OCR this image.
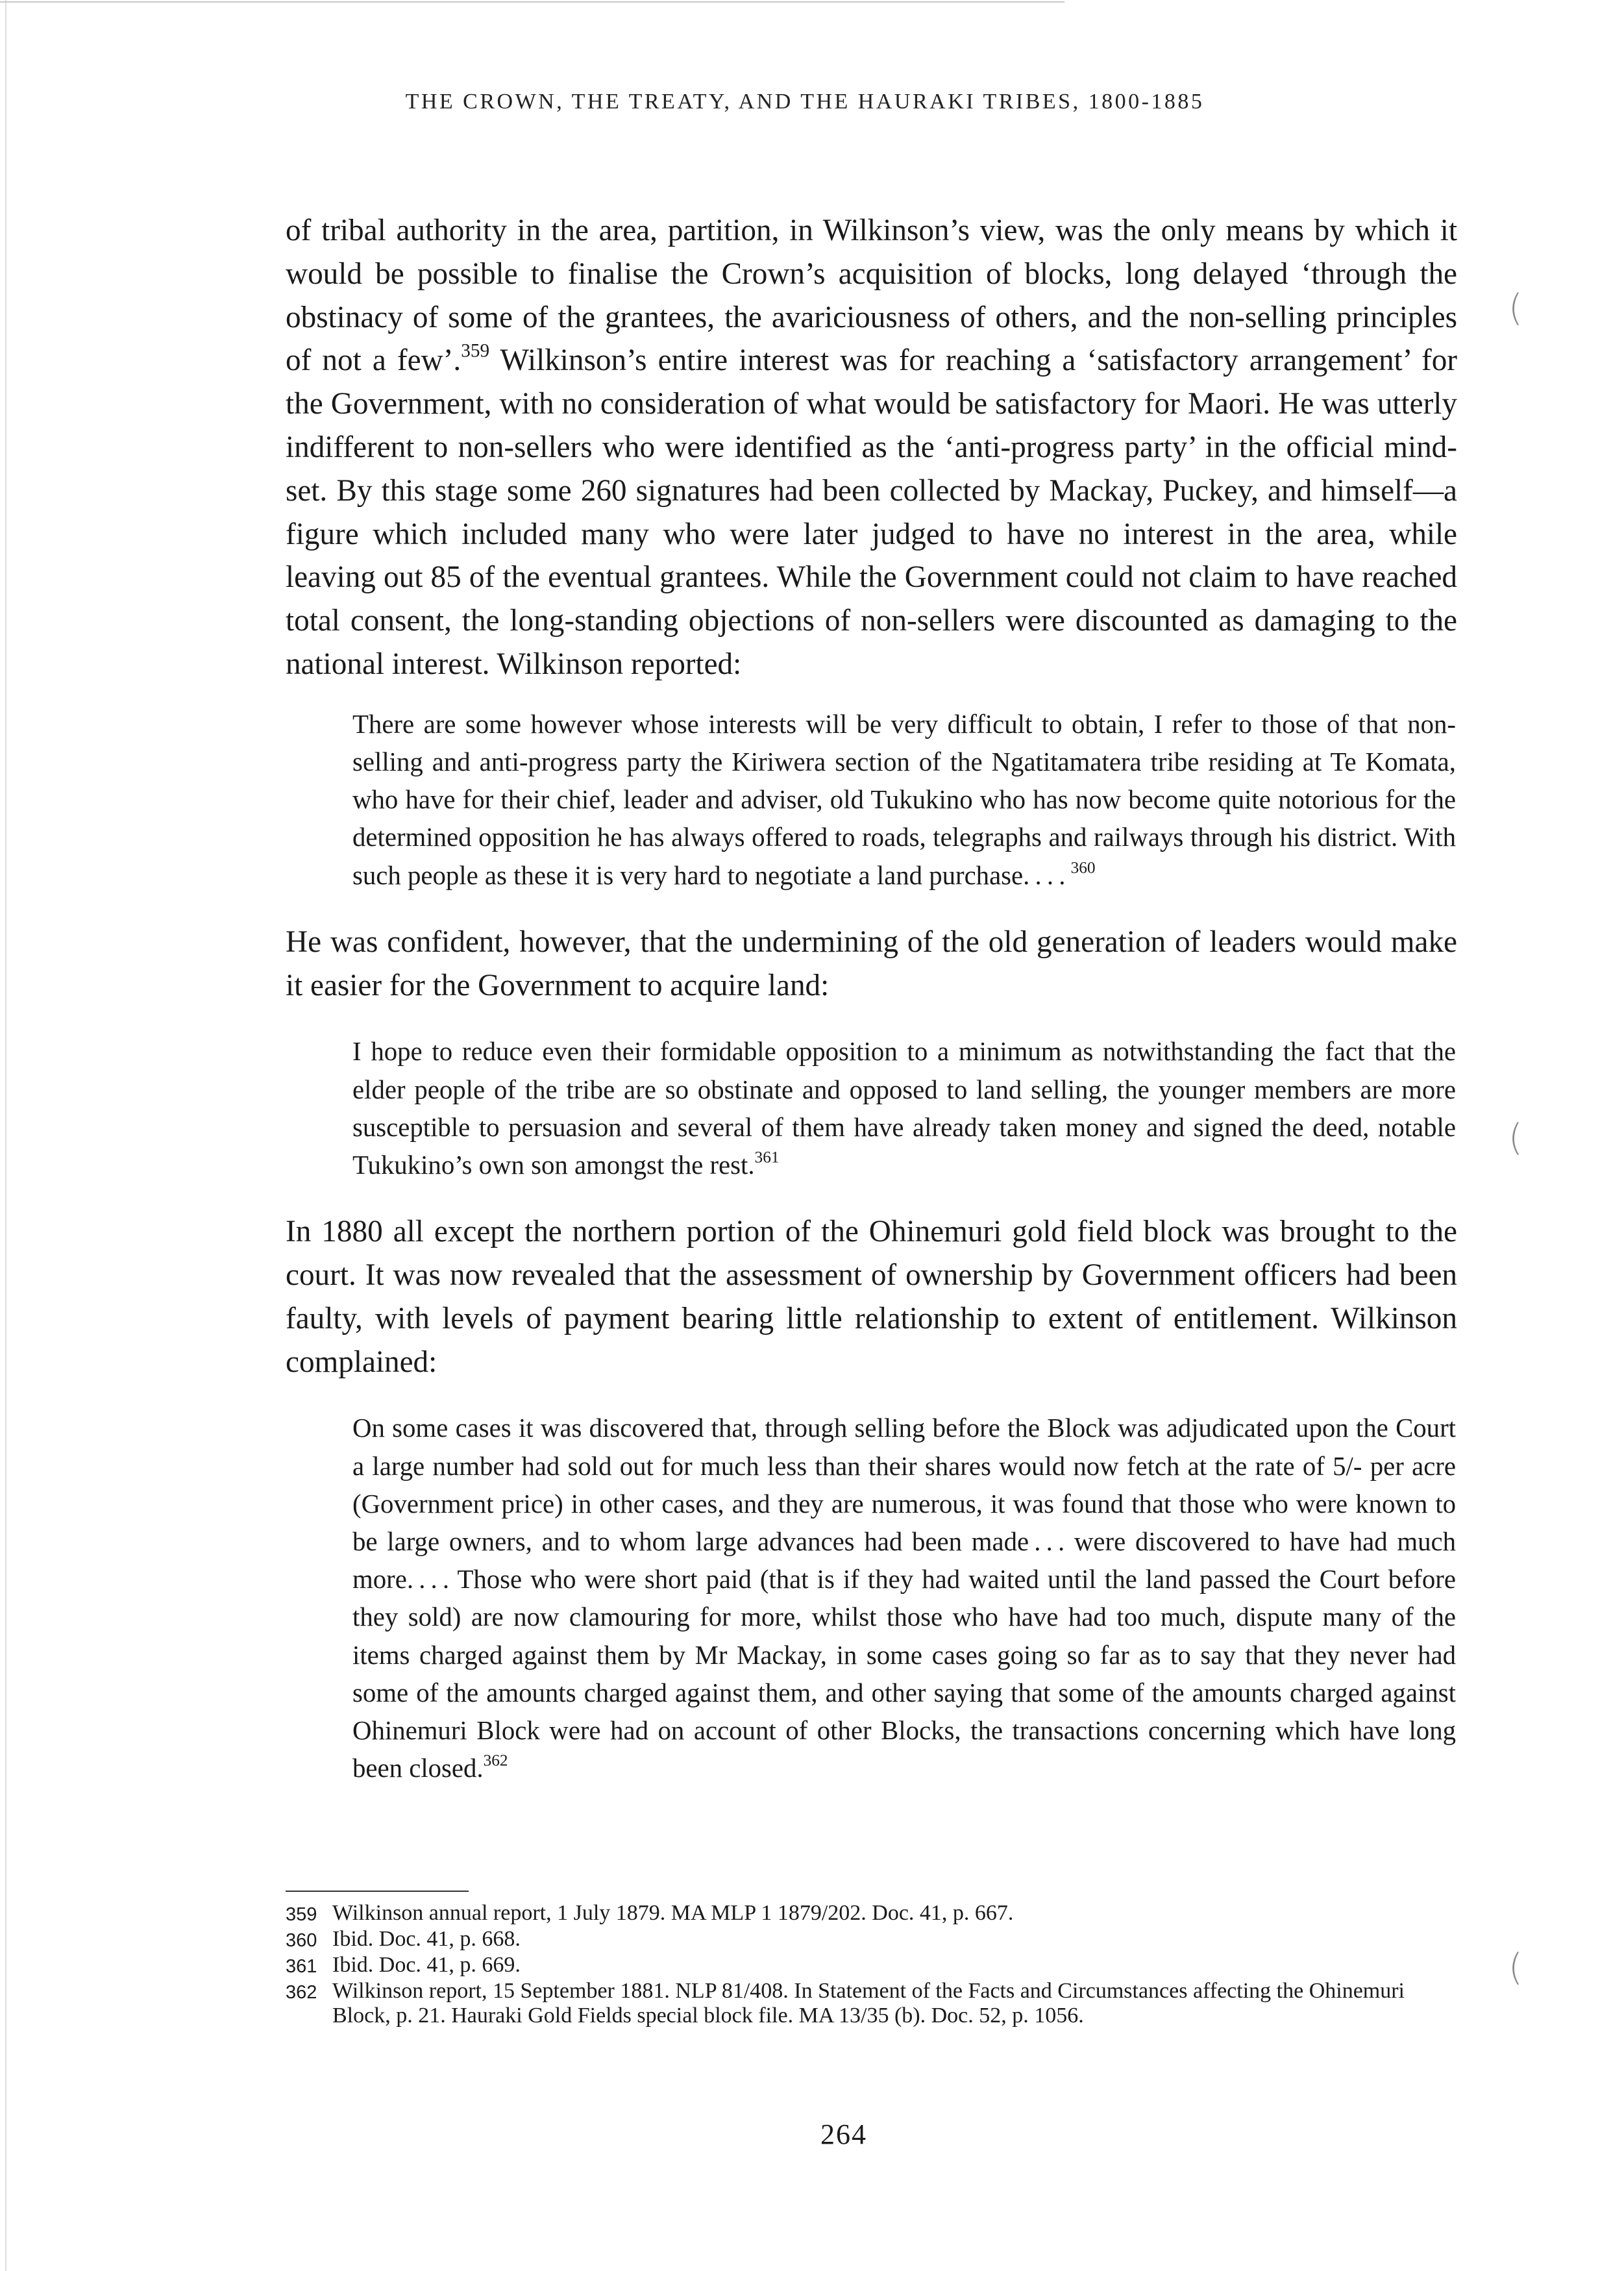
THE CROWN, THE TREATY, AND THE HAURAKI TRIBES, 1800-1885

of tribal authority in the area, partition, in Wilkinson’s view, was the only means by which it would be possible to finalise the Crown’s acquisition of blocks, long delayed ‘through the obstinacy of some of the grantees, the avariciousness of others, and the non-selling principles of not a few’.$^{359}$ Wilkinson’s entire interest was for reaching a ‘satisfactory arrangement’ for the Government, with no consideration of what would be satisfactory for Maori. He was utterly indifferent to non-sellers who were identified as the ‘anti-progress party’ in the official mind-set. By this stage some 260 signatures had been collected by Mackay, Puckey, and himself—a figure which included many who were later judged to have no interest in the area, while leaving out 85 of the eventual grantees. While the Government could not claim to have reached total consent, the long-standing objections of non-sellers were discounted as damaging to the national interest. Wilkinson reported:

There are some however whose interests will be very difficult to obtain, I refer to those of that non-selling and anti-progress party the Kiriwera section of the Ngatitamatera tribe residing at Te Komata, who have for their chief, leader and adviser, old Tukukino who has now become quite notorious for the determined opposition he has always offered to roads, telegraphs and railways through his district. With such people as these it is very hard to negotiate a land purchase. . . . $^{360}$

He was confident, however, that the undermining of the old generation of leaders would make it easier for the Government to acquire land:

I hope to reduce even their formidable opposition to a minimum as notwithstanding the fact that the elder people of the tribe are so obstinate and opposed to land selling, the younger members are more susceptible to persuasion and several of them have already taken money and signed the deed, notable Tukukino’s own son amongst the rest.$^{361}$

In 1880 all except the northern portion of the Ohinemuri gold field block was brought to the court. It was now revealed that the assessment of ownership by Government officers had been faulty, with levels of payment bearing little relationship to extent of entitlement. Wilkinson complained:

On some cases it was discovered that, through selling before the Block was adjudicated upon the Court a large number had sold out for much less than their shares would now fetch at the rate of 5/- per acre (Government price) in other cases, and they are numerous, it was found that those who were known to be large owners, and to whom large advances had been made . . . were discovered to have had much more. . . . Those who were short paid (that is if they had waited until the land passed the Court before they sold) are now clamouring for more, whilst those who have had too much, dispute many of the items charged against them by Mr Mackay, in some cases going so far as to say that they never had some of the amounts charged against them, and other saying that some of the amounts charged against Ohinemuri Block were had on account of other Blocks, the transactions concerning which have long been closed.$^{362}$

359 Wilkinson annual report, 1 July 1879. MA MLP 1 1879/202. Doc. 41, p. 667.
360 Ibid. Doc. 41, p. 668.
361 Ibid. Doc. 41, p. 669.
362 Wilkinson report, 15 September 1881. NLP 81/408. In Statement of the Facts and Circumstances affecting the Ohinemuri Block, p. 21. Hauraki Gold Fields special block file. MA 13/35 (b). Doc. 52, p. 1056.
264
(
(
(
